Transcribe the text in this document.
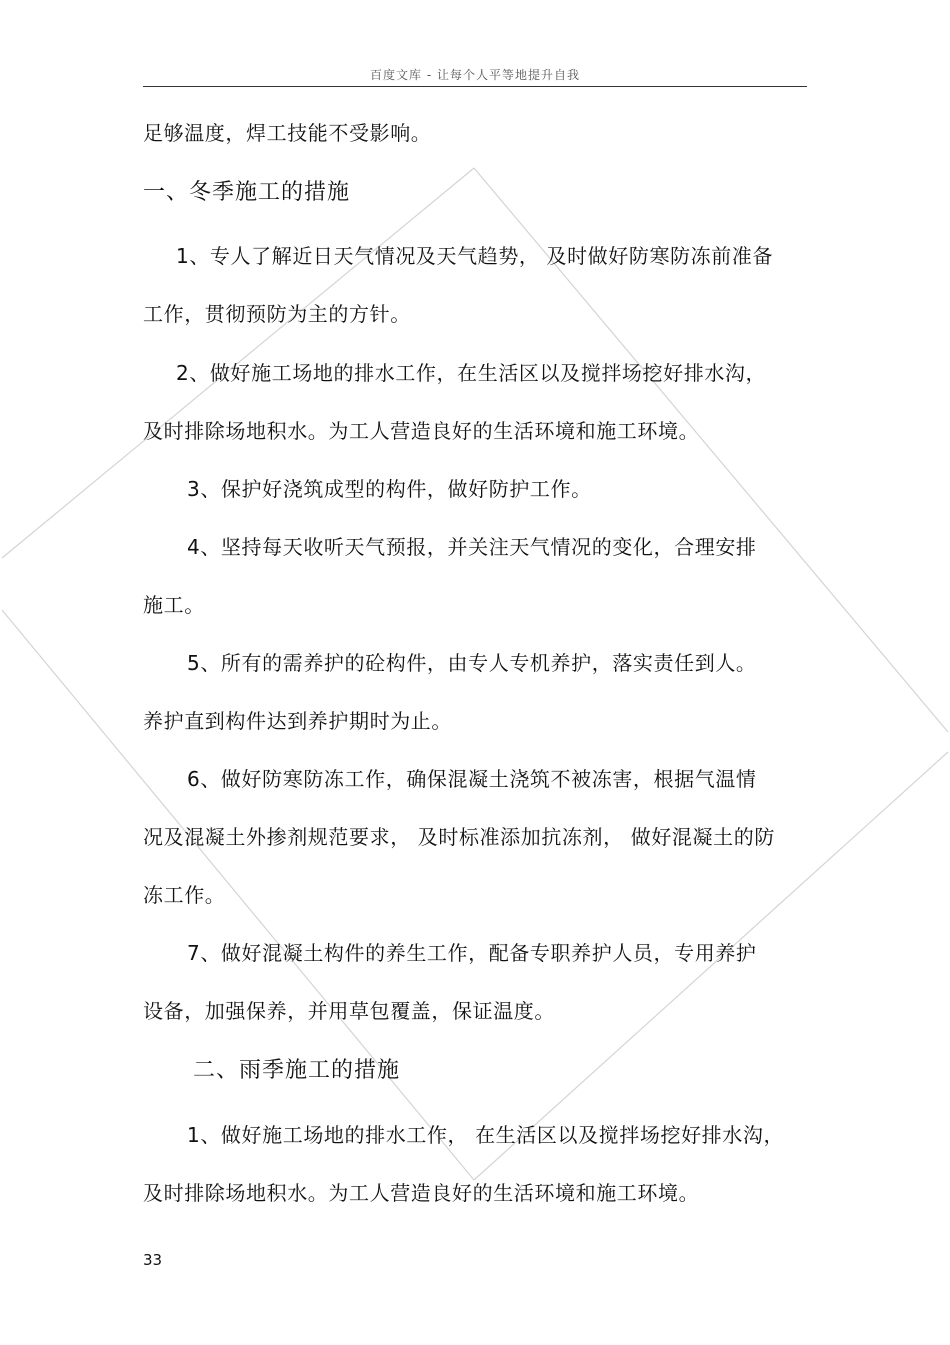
百度文库 - 让每个人平等地提升自我
足够温度，焊工技能不受影响。
一、冬季施工的措施
1、专人了解近日天气情况及天气趋势， 及时做好防寒防冻前准备
工作，贯彻预防为主的方针。
2、做好施工场地的排水工作，在生活区以及搅拌场挖好排水沟，
及时排除场地积水。为工人营造良好的生活环境和施工环境。
3、保护好浇筑成型的构件，做好防护工作。
4、坚持每天收听天气预报，并关注天气情况的变化，合理安排
施工。
5、所有的需养护的砼构件，由专人专机养护，落实责任到人。
养护直到构件达到养护期时为止。
6、做好防寒防冻工作，确保混凝土浇筑不被冻害，根据气温情
况及混凝土外掺剂规范要求， 及时标准添加抗冻剂， 做好混凝土的防
冻工作。
7、做好混凝土构件的养生工作，配备专职养护人员，专用养护
设备，加强保养，并用草包覆盖，保证温度。
二、雨季施工的措施
1、做好施工场地的排水工作， 在生活区以及搅拌场挖好排水沟，
及时排除场地积水。为工人营造良好的生活环境和施工环境。
33
